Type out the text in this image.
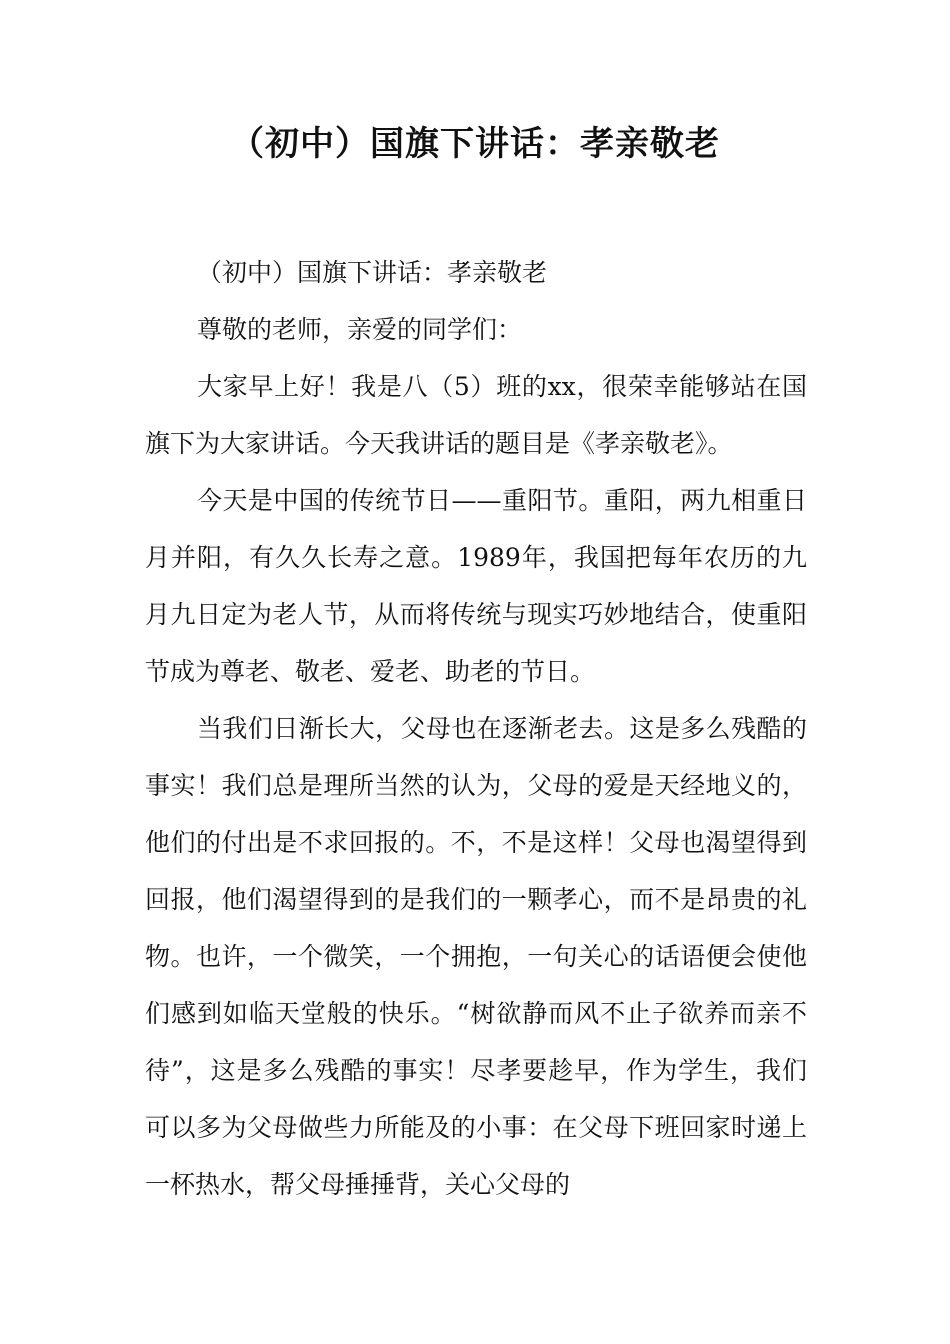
（初中）国旗下讲话：孝亲敬老

（初中）国旗下讲话：孝亲敬老

尊敬的老师，亲爱的同学们：

大家早上好！我是八（5）班的xx，很荣幸能够站在国旗下为大家讲话。今天我讲话的题目是《孝亲敬老》。

今天是中国的传统节日——重阳节。重阳，两九相重日月并阳，有久久长寿之意。1989年，我国把每年农历的九月九日定为老人节，从而将传统与现实巧妙地结合，使重阳节成为尊老、敬老、爱老、助老的节日。

当我们日渐长大，父母也在逐渐老去。这是多么残酷的事实！我们总是理所当然的认为，父母的爱是天经地义的，他们的付出是不求回报的。不，不是这样！父母也渴望得到回报，他们渴望得到的是我们的一颗孝心，而不是昂贵的礼物。也许，一个微笑，一个拥抱，一句关心的话语便会使他们感到如临天堂般的快乐。“树欲静而风不止子欲养而亲不待”，这是多么残酷的事实！尽孝要趁早，作为学生，我们可以多为父母做些力所能及的小事：在父母下班回家时递上一杯热水，帮父母捶捶背，关心父母的
